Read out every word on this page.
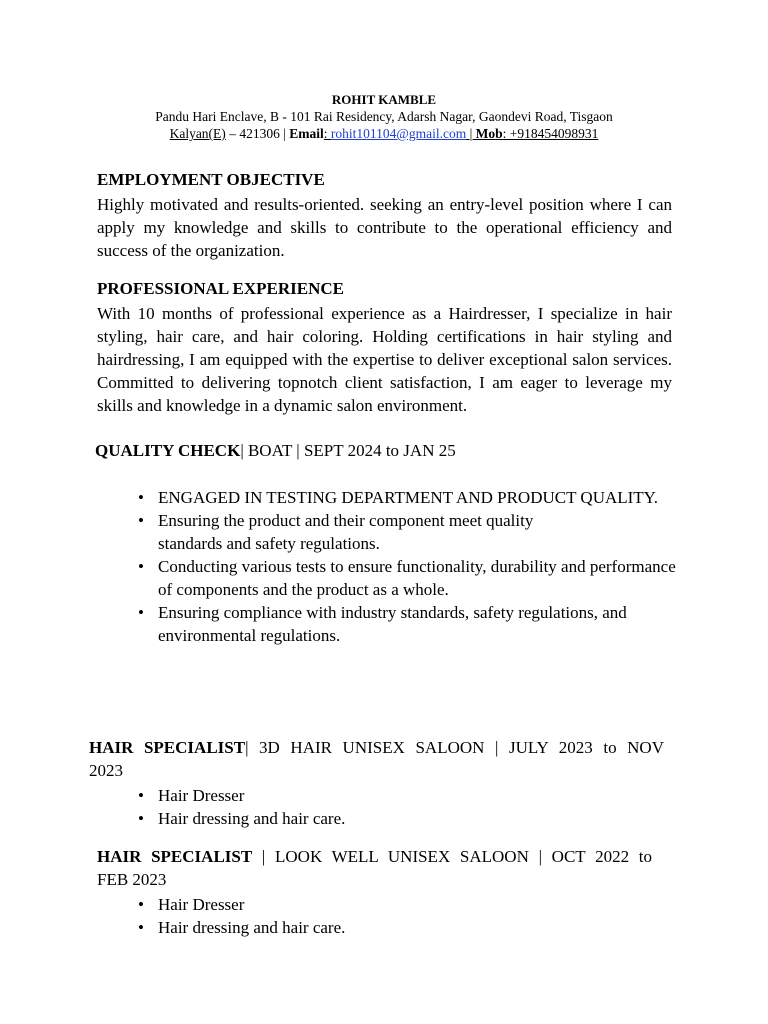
ROHIT KAMBLE
Pandu Hari Enclave, B - 101 Rai Residency, Adarsh Nagar, Gaondevi Road, Tisgaon
Kalyan(E) – 421306 | Email: rohit101104@gmail.com | Mob: +918454098931
EMPLOYMENT OBJECTIVE
Highly motivated and results-oriented. seeking an entry-level position where I can apply my knowledge and skills to contribute to the operational efficiency and success of the organization.
PROFESSIONAL EXPERIENCE
With 10 months of professional experience as a Hairdresser, I specialize in hair styling, hair care, and hair coloring. Holding certifications in hair styling and hairdressing, I am equipped with the expertise to deliver exceptional salon services. Committed to delivering topnotch client satisfaction, I am eager to leverage my skills and knowledge in a dynamic salon environment.
QUALITY CHECK| BOAT | SEPT 2024 to JAN 25
• ENGAGED IN TESTING DEPARTMENT AND PRODUCT QUALITY.
• Ensuring the product and their component meet quality standards and safety regulations.
• Conducting various tests to ensure functionality, durability and performance of components and the product as a whole.
• Ensuring compliance with industry standards, safety regulations, and environmental regulations.
HAIR SPECIALIST| 3D HAIR UNISEX SALOON | JULY 2023 to NOV
2023
• Hair Dresser
• Hair dressing and hair care.
HAIR SPECIALIST | LOOK WELL UNISEX SALOON | OCT 2022 to
FEB 2023
• Hair Dresser
• Hair dressing and hair care.
